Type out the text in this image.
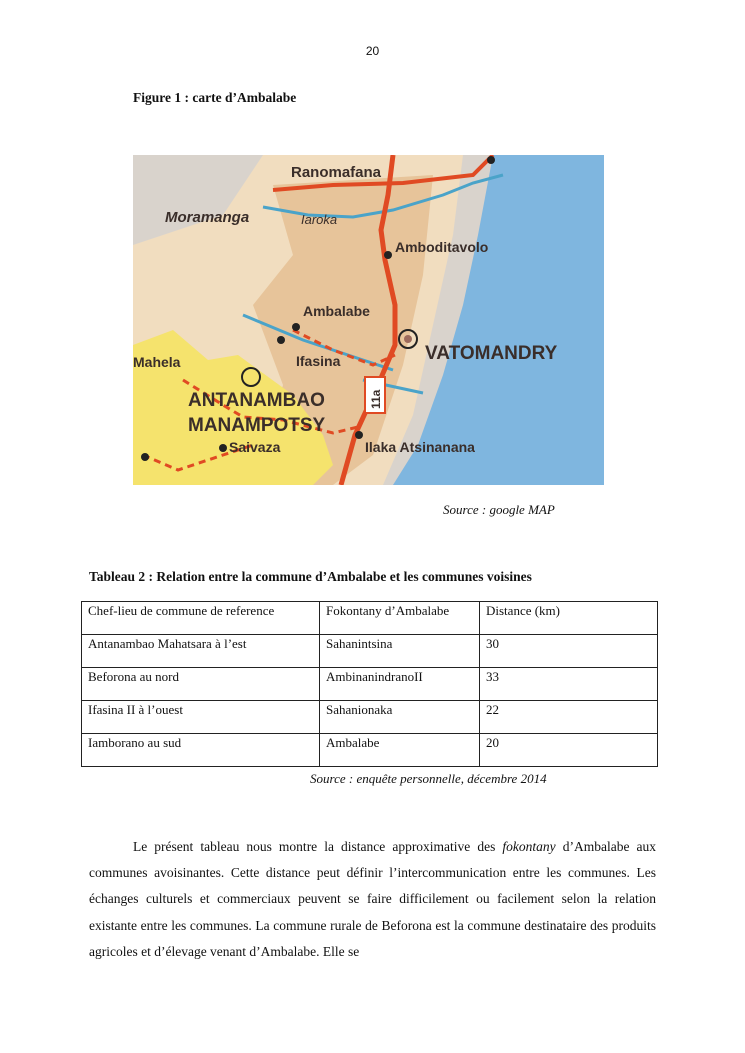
20
Figure 1 : carte d’Ambalabe
11a
Ranomafana
Moramanga	Iaroka
Amboditavolo
Ambalabe
VATOMANDRY
Mahela	Ifasina
ANTANAMBAO
MANAMPOTSY
Saivaza	Ilaka Atsinanana
Source : google MAP
Tableau 2 : Relation entre la commune d’Ambalabe et les communes voisines
Chef-lieu de commune de reference	Fokontany d’Ambalabe	Distance (km)
Antanambao Mahatsara à l’est	Sahanintsina	30
Beforona au nord	AmbinanindranoII	33
Ifasina II à l’ouest	Sahanionaka	22
Iamborano au sud	Ambalabe	20
Source : enquête personnelle, décembre 2014
Le présent tableau nous montre la distance approximative des fokontany d’Ambalabe aux communes avoisinantes. Cette distance peut définir l’intercommunication entre les communes. Les échanges culturels et commerciaux peuvent se faire difficilement ou facilement selon la relation existante entre les communes. La commune rurale de Beforona est la commune destinataire des produits agricoles et d’élevage venant d’Ambalabe. Elle se
